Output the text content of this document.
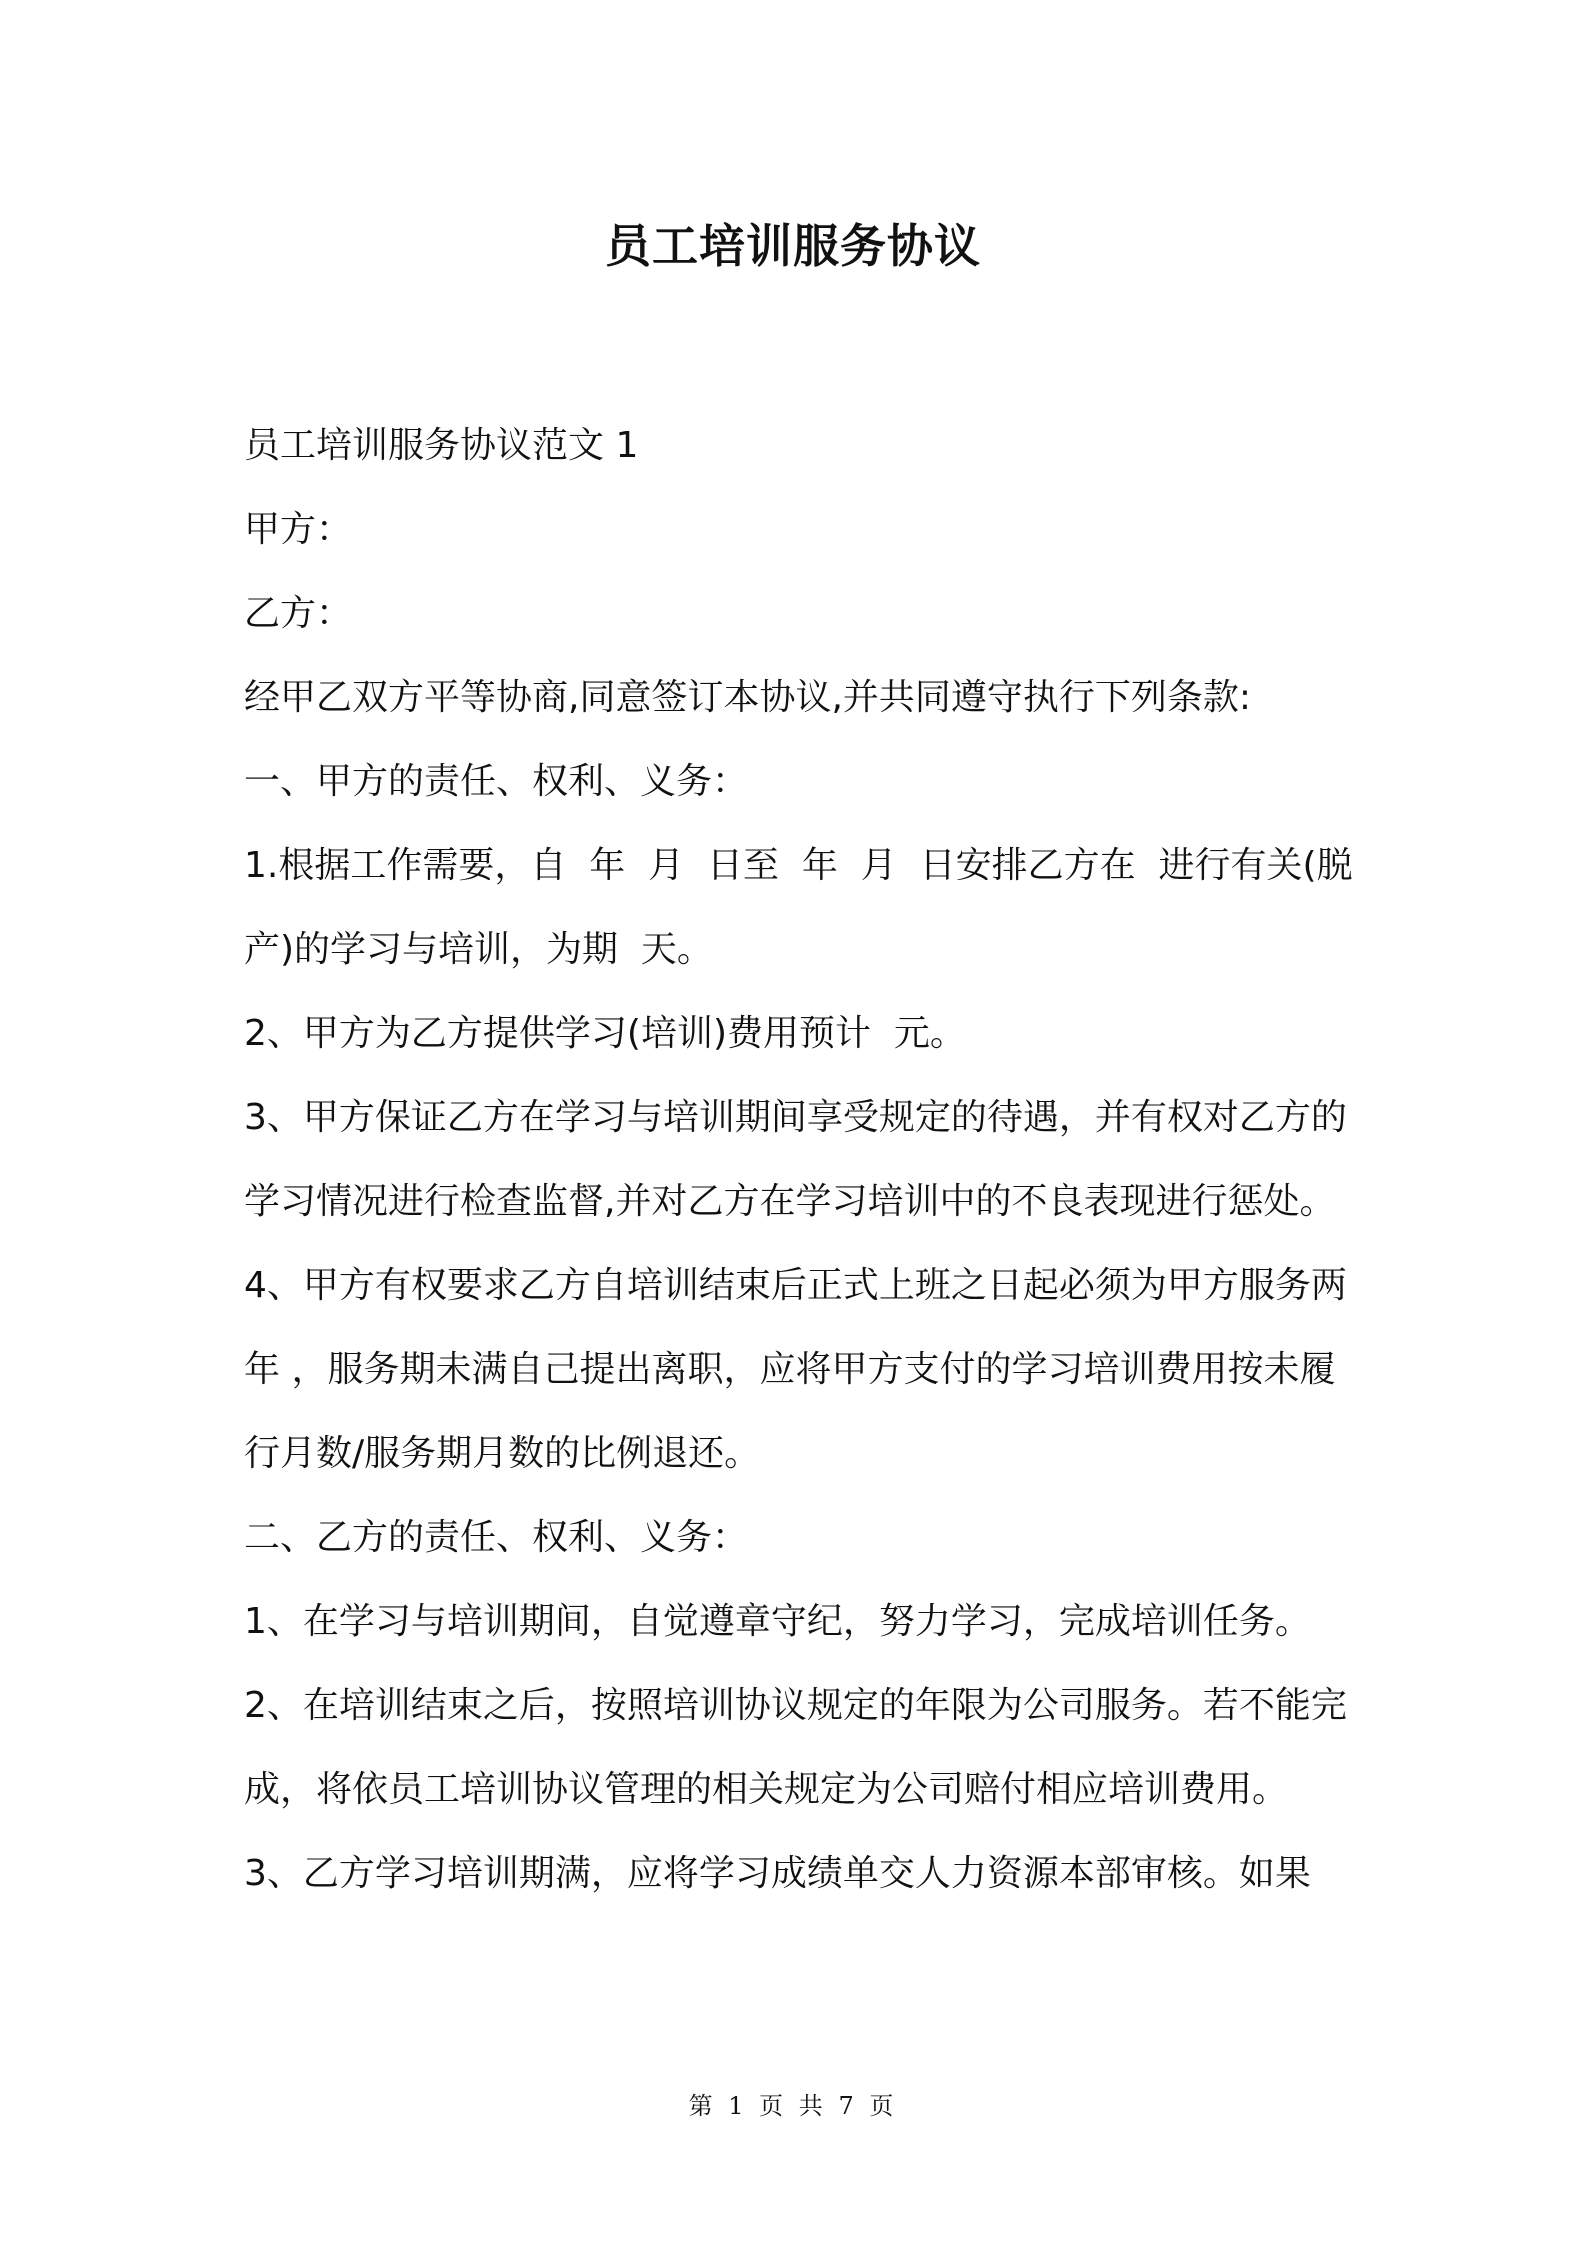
员工培训服务协议

员工培训服务协议范文 1

甲方：

乙方：

经甲乙双方平等协商,同意签订本协议,并共同遵守执行下列条款:

一、甲方的责任、权利、义务：

1.根据工作需要，自  年  月  日至  年  月  日安排乙方在  进行有关(脱产)的学习与培训，为期  天。

2、甲方为乙方提供学习(培训)费用预计  元。

3、甲方保证乙方在学习与培训期间享受规定的待遇，并有权对乙方的学习情况进行检查监督,并对乙方在学习培训中的不良表现进行惩处。

4、甲方有权要求乙方自培训结束后正式上班之日起必须为甲方服务两年 ，服务期未满自己提出离职，应将甲方支付的学习培训费用按未履行月数/服务期月数的比例退还。

二、乙方的责任、权利、义务：

1、在学习与培训期间，自觉遵章守纪，努力学习，完成培训任务。

2、在培训结束之后，按照培训协议规定的年限为公司服务。若不能完成，将依员工培训协议管理的相关规定为公司赔付相应培训费用。

3、乙方学习培训期满，应将学习成绩单交人力资源本部审核。如果

第 1 页 共 7 页
